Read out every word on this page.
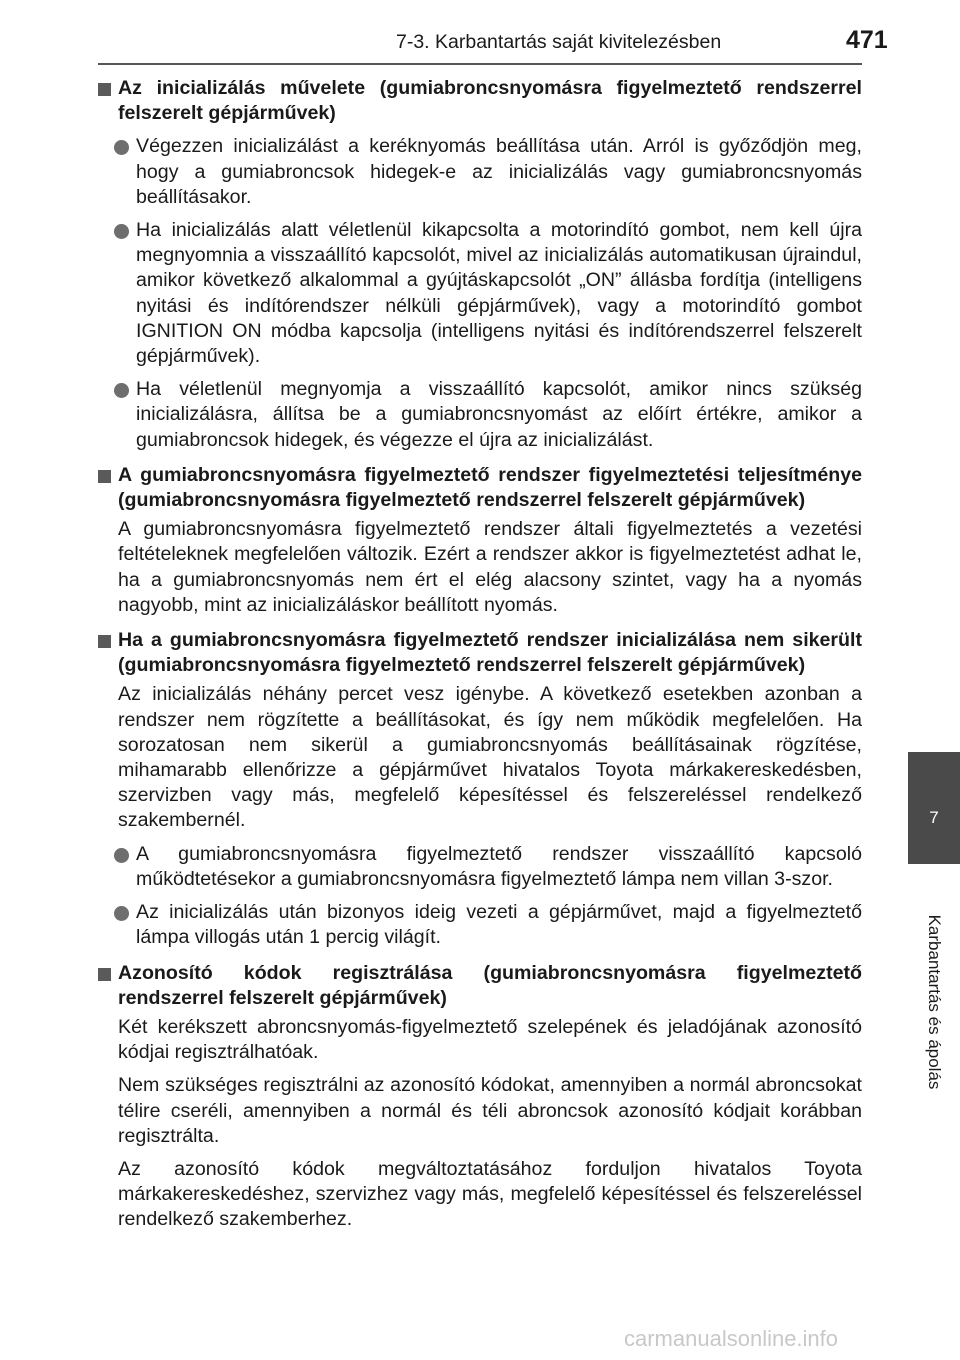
7-3. Karbantartás saját kivitelezésben	471
Az inicializálás művelete (gumiabroncsnyomásra figyelmeztető rendszerrel felszerelt gépjárművek)
Végezzen inicializálást a keréknyomás beállítása után. Arról is győződjön meg, hogy a gumiabroncsok hidegek-e az inicializálás vagy gumiabroncsnyomás beállításakor.
Ha inicializálás alatt véletlenül kikapcsolta a motorindító gombot, nem kell újra megnyomnia a visszaállító kapcsolót, mivel az inicializálás automatikusan újraindul, amikor következő alkalommal a gyújtáskapcsolót „ON” állásba fordítja (intelligens nyitási és indítórendszer nélküli gépjárművek), vagy a motorindító gombot IGNITION ON módba kapcsolja (intelligens nyitási és indítórendszerrel felszerelt gépjárművek).
Ha véletlenül megnyomja a visszaállító kapcsolót, amikor nincs szükség inicializálásra, állítsa be a gumiabroncsnyomást az előírt értékre, amikor a gumiabroncsok hidegek, és végezze el újra az inicializálást.
A gumiabroncsnyomásra figyelmeztető rendszer figyelmeztetési teljesítménye (gumiabroncsnyomásra figyelmeztető rendszerrel felszerelt gépjárművek)
A gumiabroncsnyomásra figyelmeztető rendszer általi figyelmeztetés a vezetési feltételeknek megfelelően változik. Ezért a rendszer akkor is figyelmeztetést adhat le, ha a gumiabroncsnyomás nem ért el elég alacsony szintet, vagy ha a nyomás nagyobb, mint az inicializáláskor beállított nyomás.
Ha a gumiabroncsnyomásra figyelmeztető rendszer inicializálása nem sikerült (gumiabroncsnyomásra figyelmeztető rendszerrel felszerelt gépjárművek)
Az inicializálás néhány percet vesz igénybe. A következő esetekben azonban a rendszer nem rögzítette a beállításokat, és így nem működik megfelelően. Ha sorozatosan nem sikerül a gumiabroncsnyomás beállításainak rögzítése, mihamarabb ellenőrizze a gépjárművet hivatalos Toyota márkakereskedésben, szervizben vagy más, megfelelő képesítéssel és felszereléssel rendelkező szakembernél.
A gumiabroncsnyomásra figyelmeztető rendszer visszaállító kapcsoló működtetésekor a gumiabroncsnyomásra figyelmeztető lámpa nem villan 3-szor.
Az inicializálás után bizonyos ideig vezeti a gépjárművet, majd a figyelmeztető lámpa villogás után 1 percig világít.
Azonosító kódok regisztrálása (gumiabroncsnyomásra figyelmeztető rendszerrel felszerelt gépjárművek)
Két kerékszett abroncsnyomás-figyelmeztető szelepének és jeladójának azonosító kódjai regisztrálhatóak.
Nem szükséges regisztrálni az azonosító kódokat, amennyiben a normál abroncsokat télire cseréli, amennyiben a normál és téli abroncsok azonosító kódjait korábban regisztrálta.
Az azonosító kódok megváltoztatásához forduljon hivatalos Toyota márkakereskedéshez, szervizhez vagy más, megfelelő képesítéssel és felszereléssel rendelkező szakemberhez.
7
Karbantartás és ápolás
carmanualsonline.info
